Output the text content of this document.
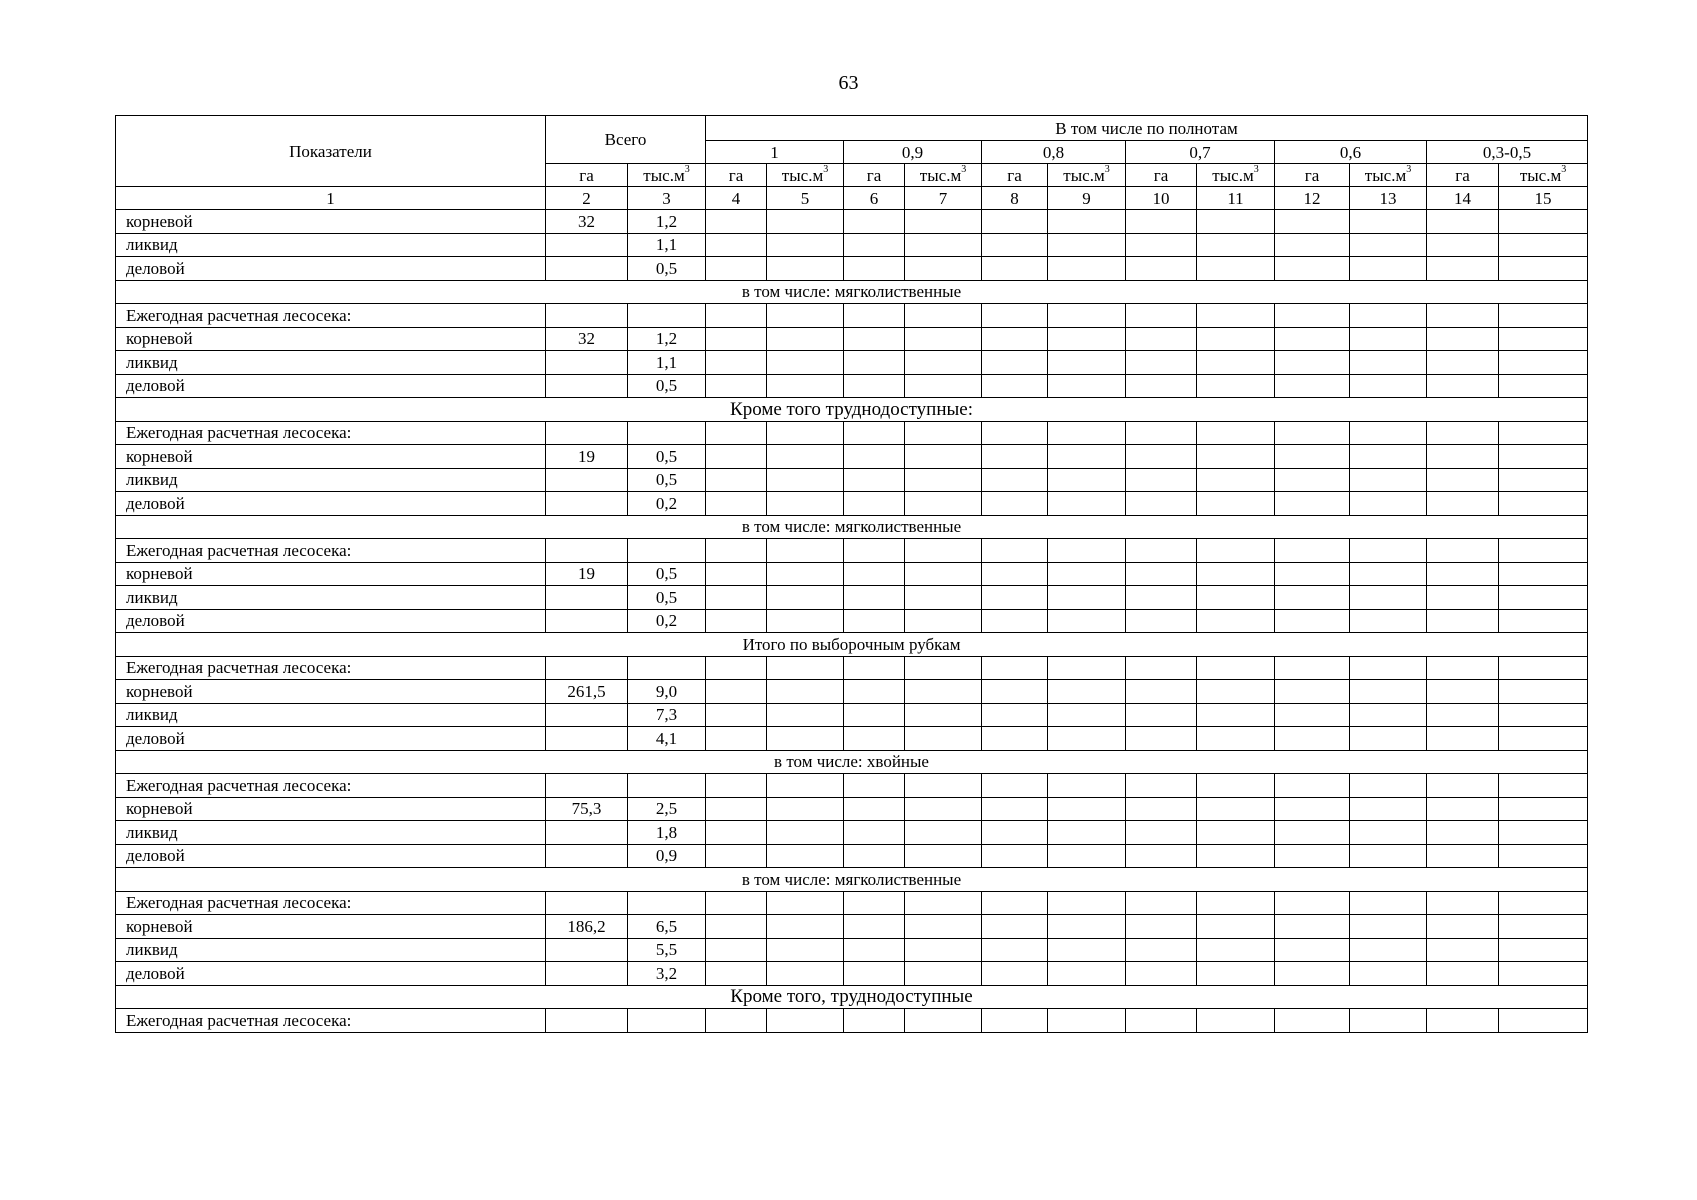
63
Показатели	Всего		В том числе по полнотам											
			1		0,9		0,8		0,7		0,6		0,3-0,5	
	га	$тыс.м^3$	га	$тыс.м^3$	га	$тыс.м^3$	га	$тыс.м^3$	га	$тыс.м^3$	га	$тыс.м^3$	га	$тыс.м^3$
1	2	3	4	5	6	7	8	9	10	11	12	13	14	15
корневой	32	1,2												
ликвид		1,1												
деловой		0,5												
в том числе: мягколиственные														
Ежегодная расчетная лесосека:														
корневой	32	1,2												
ликвид		1,1												
деловой		0,5												
Кроме того труднодоступные:														
Ежегодная расчетная лесосека:														
корневой	19	0,5												
ликвид		0,5												
деловой		0,2												
в том числе: мягколиственные														
Ежегодная расчетная лесосека:														
корневой	19	0,5												
ликвид		0,5												
деловой		0,2												
Итого по выборочным рубкам														
Ежегодная расчетная лесосека:														
корневой	261,5	9,0												
ликвид		7,3												
деловой		4,1												
в том числе: хвойные														
Ежегодная расчетная лесосека:														
корневой	75,3	2,5												
ликвид		1,8												
деловой		0,9												
в том числе: мягколиственные														
Ежегодная расчетная лесосека:														
корневой	186,2	6,5												
ликвид		5,5												
деловой		3,2												
Кроме того, труднодоступные														
Ежегодная расчетная лесосека:														
